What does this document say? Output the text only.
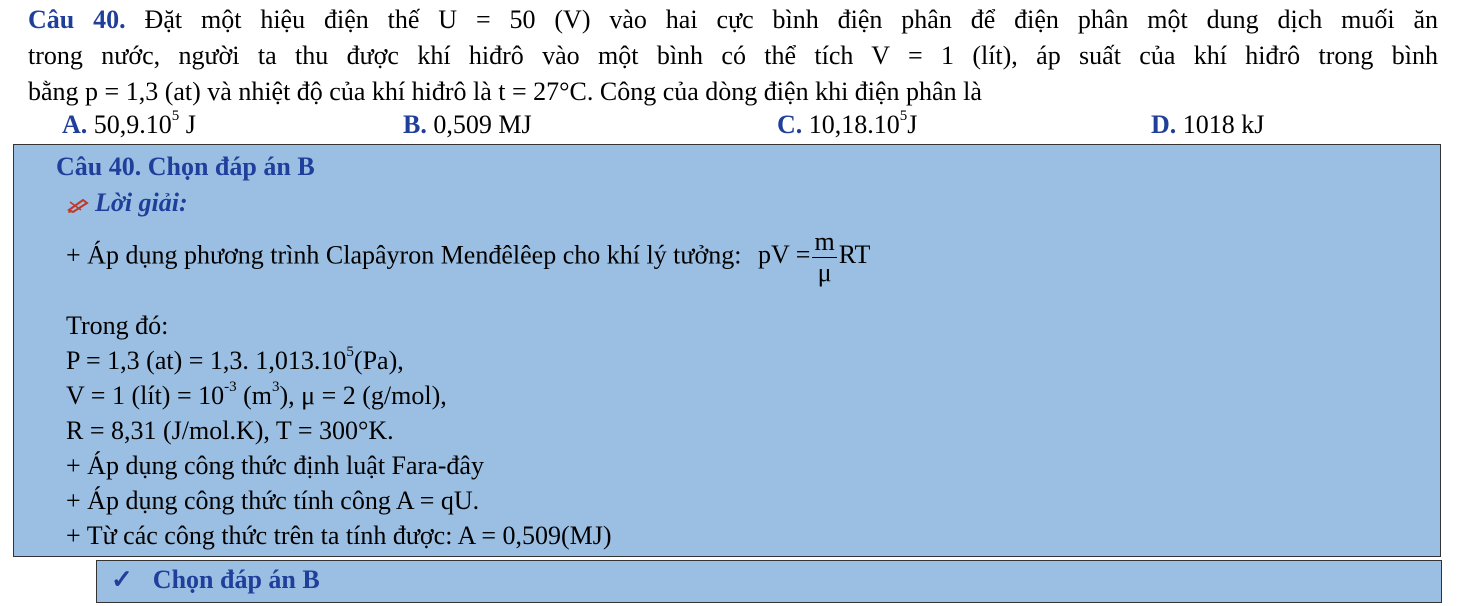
Câu 40. Đặt một hiệu điện thế U = 50 (V) vào hai cực bình điện phân để điện phân một dung dịch muối ăn
trong nước, người ta thu được khí hiđrô vào một bình có thể tích V = 1 (lít), áp suất của khí hiđrô trong bình
bằng p = 1,3 (at) và nhiệt độ của khí hiđrô là t = 27°C. Công của dòng điện khi điện phân là
A. 50,9.10$^5$ J	B. 0,509 MJ	C. 10,18.10$^5$J	D. 1018 kJ
Câu 40. Chọn đáp án B
Lời giải:
+ Áp dụng phương trình Clapâyron Menđêlêep cho khí lý tưởng: pV = $\frac{m}{\mu}$ RT
Trong đó:
P = 1,3 (at) = 1,3. 1,013.10$^5$(Pa),
V = 1 (lít) = $10^{-3}$ $(m^3)$, μ = 2 (g/mol),
R = 8,31 (J/mol.K), T = 300°K.
+ Áp dụng công thức định luật Fara-đây
+ Áp dụng công thức tính công A = qU.
+ Từ các công thức trên ta tính được: A = 0,509(MJ)
✓ Chọn đáp án B
